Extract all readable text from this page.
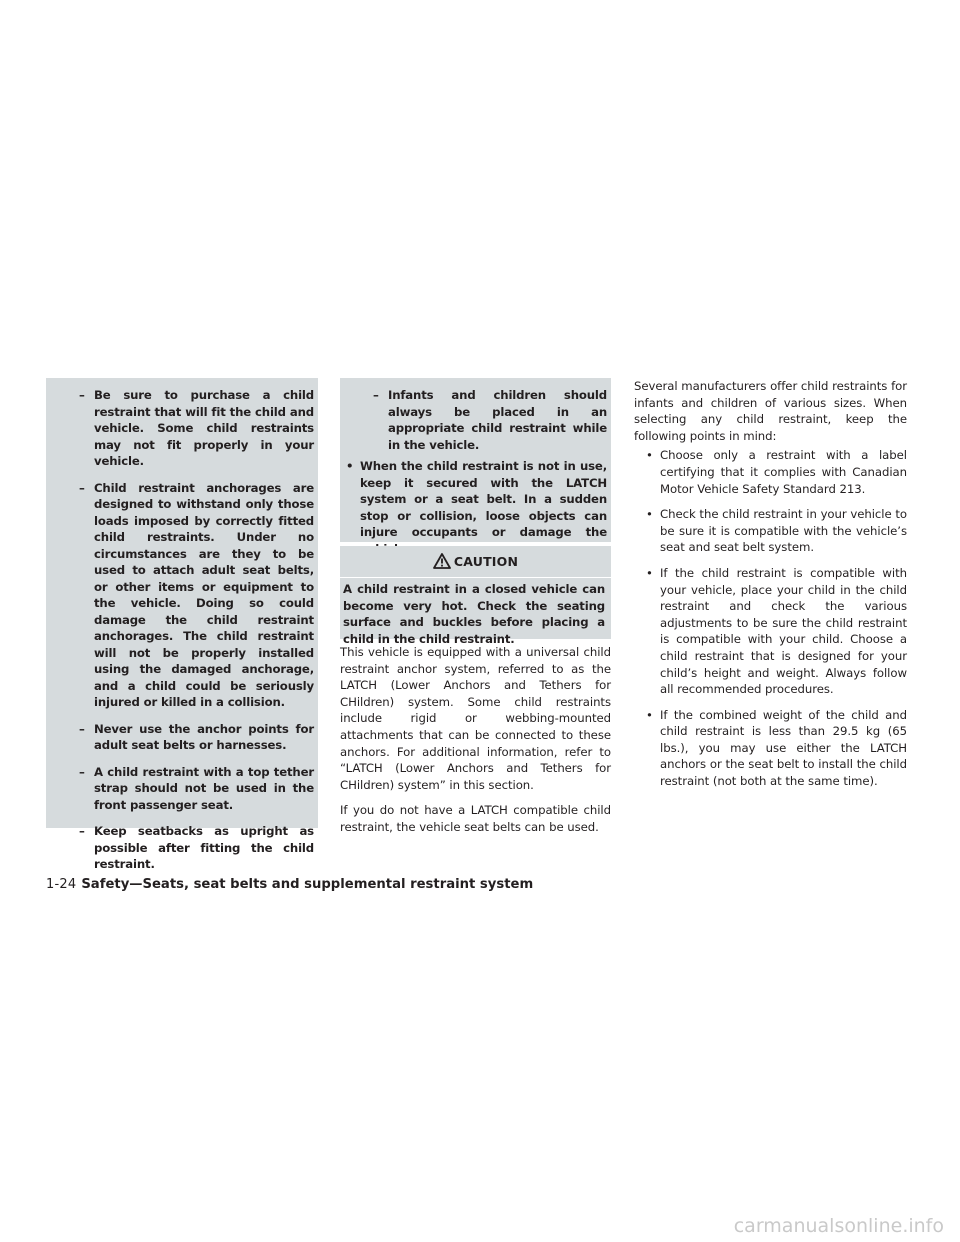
– Be sure to purchase a child restraint that will fit the child and vehicle. Some child restraints may not fit properly in your vehicle.
– Child restraint anchorages are designed to withstand only those loads imposed by correctly fitted child restraints. Under no circumstances are they to be used to attach adult seat belts, or other items or equipment to the vehicle. Doing so could damage the child restraint anchorages. The child restraint will not be properly installed using the damaged anchorage, and a child could be seriously injured or killed in a collision.
– Never use the anchor points for adult seat belts or harnesses.
– A child restraint with a top tether strap should not be used in the front passenger seat.
– Keep seatbacks as upright as possible after fitting the child restraint.
– Infants and children should always be placed in an appropriate child restraint while in the vehicle.
• When the child restraint is not in use, keep it secured with the LATCH system or a seat belt. In a sudden stop or collision, loose objects can injure occupants or damage the
CAUTION

A child restraint in a closed vehicle can become very hot. Check the seating surface and buckles before placing a child in the child restraint.

This vehicle is equipped with a universal child restraint anchor system, referred to as the LATCH (Lower Anchors and Tethers for CHildren) system. Some child restraints include rigid or webbing-mounted attachments that can be connected to these anchors. For additional information, refer to “LATCH (Lower Anchors and Tethers for CHildren) system” in this section.

If you do not have a LATCH compatible child restraint, the vehicle seat belts can be used.

Several manufacturers offer child restraints for infants and children of various sizes. When selecting any child restraint, keep the following points in mind:

• Choose only a restraint with a label certifying that it complies with Canadian Motor Vehicle Safety Standard 213.
• Check the child restraint in your vehicle to be sure it is compatible with the vehicle’s seat and seat belt system.
• If the child restraint is compatible with your vehicle, place your child in the child restraint and check the various adjustments to be sure the child restraint is compatible with your child. Choose a child restraint that is designed for your child’s height and weight. Always follow all recommended procedures.
• If the combined weight of the child and child restraint is less than 29.5 kg (65 lbs.), you may use either the LATCH anchors or the seat belt to install the child restraint (not both at the same time).
1-24 Safety—Seats, seat belts and supplemental restraint system
carmanualsonline.info
